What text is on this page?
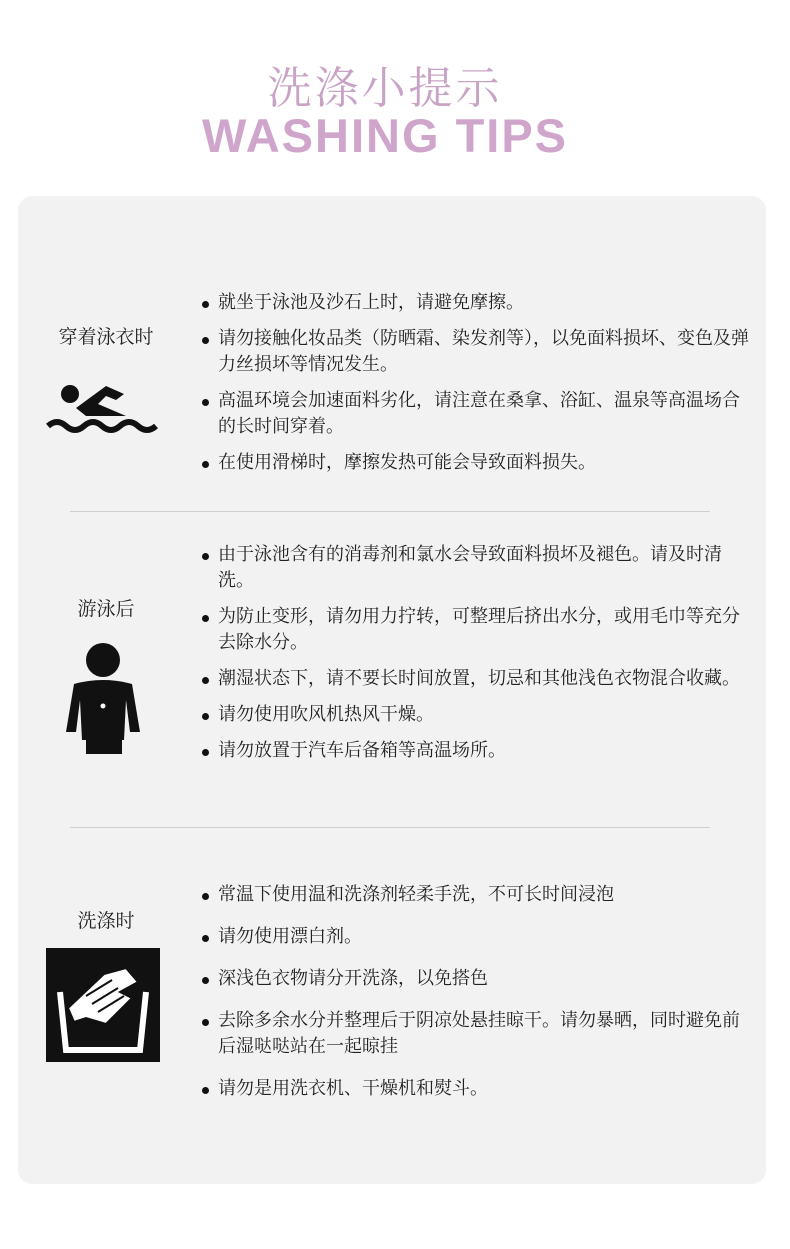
洗涤小提示
WASHING TIPS
穿着泳衣时
就坐于泳池及沙石上时，请避免摩擦。
请勿接触化妆品类（防晒霜、染发剂等），以免面料损坏、变色及弹力丝损坏等情况发生。
高温环境会加速面料劣化，请注意在桑拿、浴缸、温泉等高温场合的长时间穿着。
在使用滑梯时，摩擦发热可能会导致面料损失。
游泳后
由于泳池含有的消毒剂和氯水会导致面料损坏及褪色。请及时清洗。
为防止变形，请勿用力拧转，可整理后挤出水分，或用毛巾等充分去除水分。
潮湿状态下，请不要长时间放置，切忌和其他浅色衣物混合收藏。
请勿使用吹风机热风干燥。
请勿放置于汽车后备箱等高温场所。
洗涤时
常温下使用温和洗涤剂轻柔手洗，不可长时间浸泡
请勿使用漂白剂。
深浅色衣物请分开洗涤，以免搭色
去除多余水分并整理后于阴凉处悬挂晾干。请勿暴晒，同时避免前后湿哒哒站在一起晾挂
请勿是用洗衣机、干燥机和熨斗。
